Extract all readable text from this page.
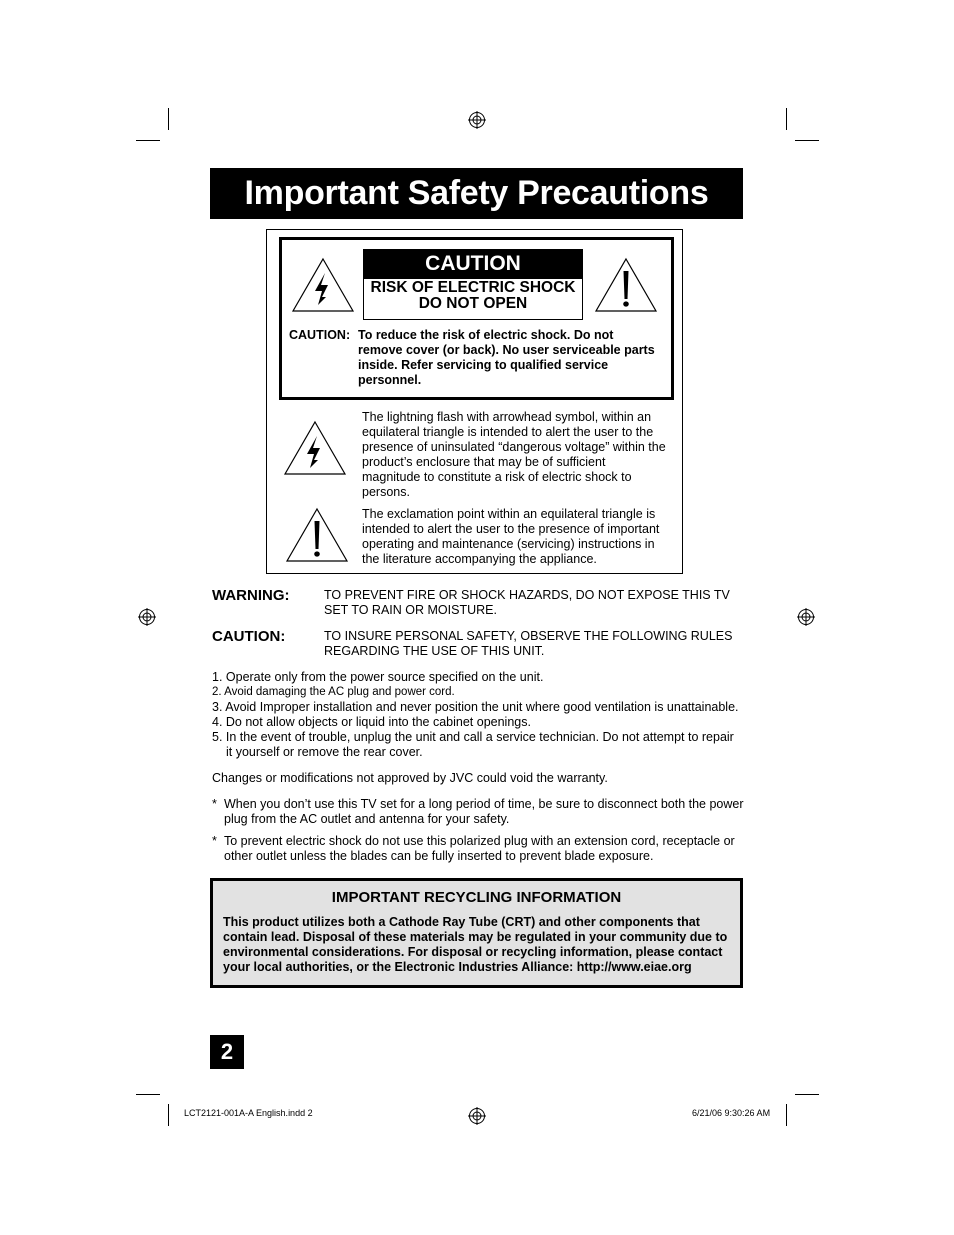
Important Safety Precautions
CAUTION
RISK OF ELECTRIC SHOCK
DO NOT OPEN
CAUTION: To reduce the risk of electric shock. Do not remove cover (or back). No user serviceable parts inside. Refer servicing to qualified service personnel.
The lightning flash with arrowhead symbol, within an equilateral triangle is intended to alert the user to the presence of uninsulated “dangerous voltage” within the product’s enclosure that may be of sufficient magnitude to constitute a risk of electric shock to persons.
The exclamation point within an equilateral triangle is intended to alert the user to the presence of important operating and maintenance (servicing) instructions in the literature accompanying the appliance.
WARNING:	TO PREVENT FIRE OR SHOCK HAZARDS, DO NOT EXPOSE THIS TV SET TO RAIN OR MOISTURE.
CAUTION:	TO INSURE PERSONAL SAFETY, OBSERVE THE FOLLOWING RULES REGARDING THE USE OF THIS UNIT.
1. Operate only from the power source specified on the unit.
2. Avoid damaging the AC plug and power cord.
3. Avoid Improper installation and never position the unit where good ventilation is unattainable.
4. Do not allow objects or liquid into the cabinet openings.
5. In the event of trouble, unplug the unit and call a service technician. Do not attempt to repair
it yourself or remove the rear cover.
Changes or modifications not approved by JVC could void the warranty.
* When you don’t use this TV set for a long period of time, be sure to disconnect both the power plug from the AC outlet and antenna for your safety.
* To prevent electric shock do not use this polarized plug with an extension cord, receptacle or other outlet unless the blades can be fully inserted to prevent blade exposure.
IMPORTANT RECYCLING INFORMATION
This product utilizes both a Cathode Ray Tube (CRT) and other components that contain lead. Disposal of these materials may be regulated in your community due to environmental considerations. For disposal or recycling information, please contact your local authorities, or the Electronic Industries Alliance: http://www.eiae.org
2
LCT2121-001A-A English.indd 2	6/21/06 9:30:26 AM
